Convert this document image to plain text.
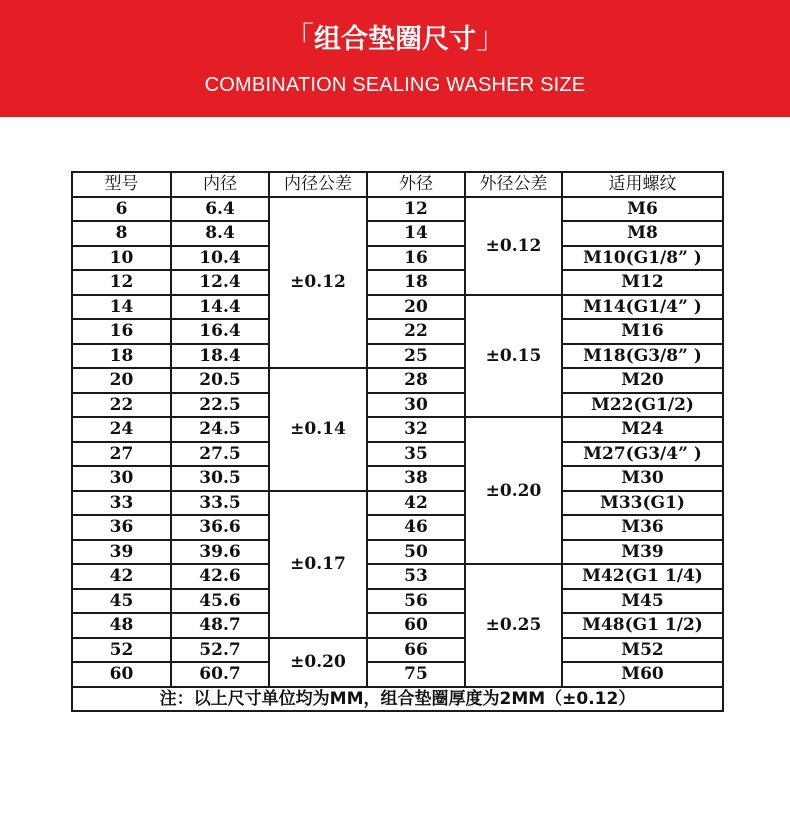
「组合垫圈尺寸」
COMBINATION SEALING WASHER SIZE
型号	内径	内径公差	外径	外径公差	适用螺纹
6	6.4	±0.12	12	±0.12	M6
8	8.4		14		M8
10	10.4		16		M10(G1/8” )
12	12.4		18		M12
14	14.4		20	±0.15	M14(G1/4” )
16	16.4		22		M16
18	18.4		25		M18(G3/8” )
20	20.5	±0.14	28		M20
22	22.5		30		M22(G1/2)
24	24.5		32	±0.20	M24
27	27.5		35		M27(G3/4” )
30	30.5		38		M30
33	33.5	±0.17	42		M33(G1)
36	36.6		46		M36
39	39.6		50		M39
42	42.6		53	±0.25	M42(G1 1/4)
45	45.6		56		M45
48	48.7		60		M48(G1 1/2)
52	52.7	±0.20	66		M52
60	60.7		75		M60
注：以上尺寸单位均为MM，组合垫圈厚度为2MM（±0.12）					
